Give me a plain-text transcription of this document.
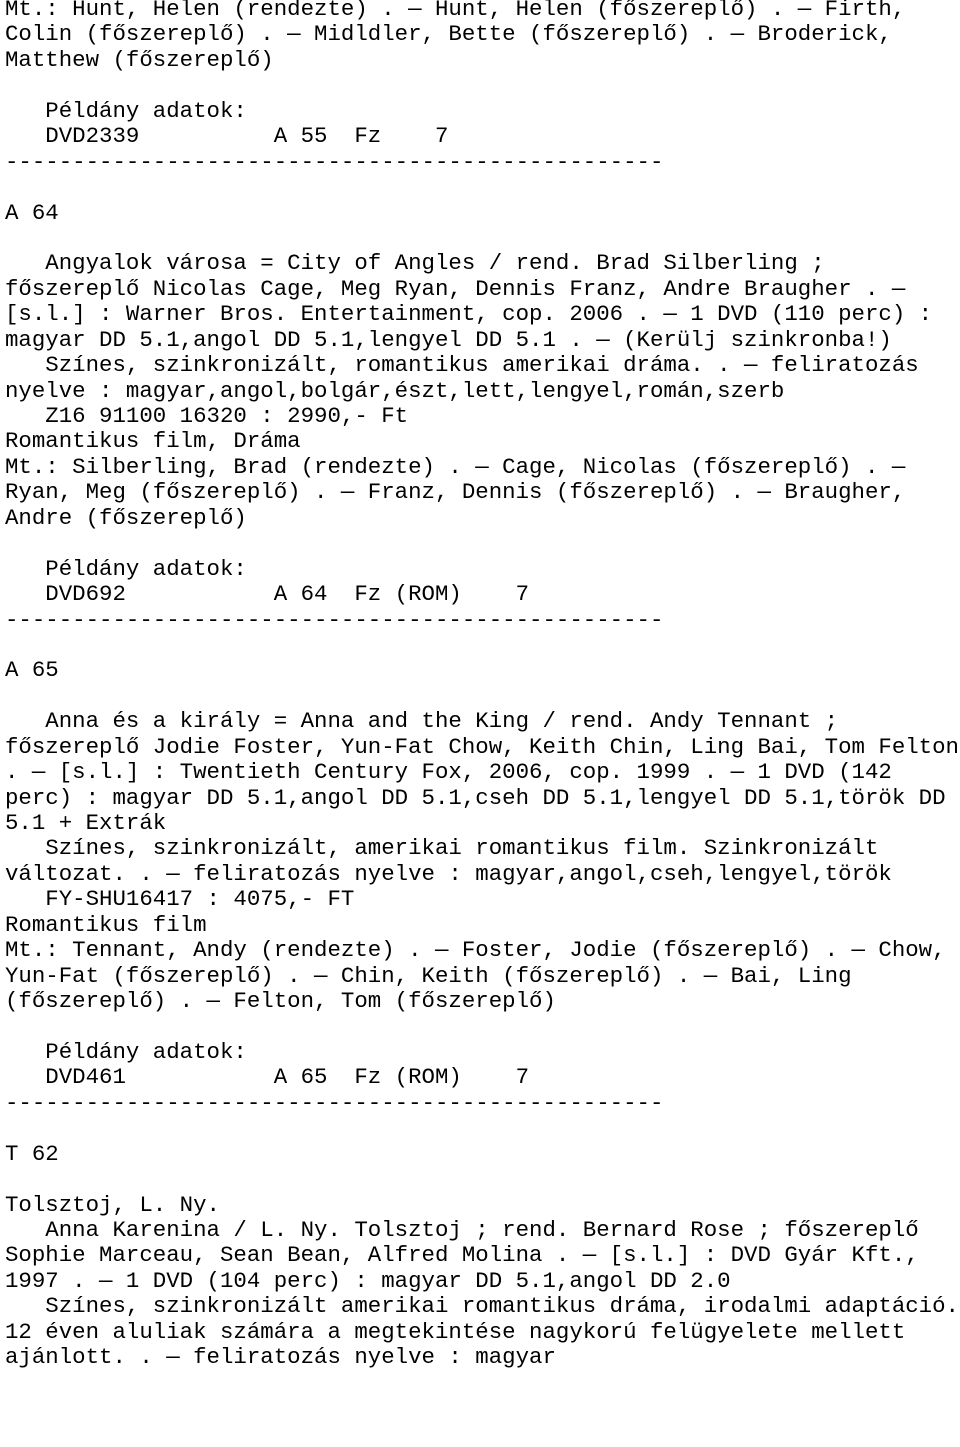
Mt.: Hunt, Helen (rendezte) . — Hunt, Helen (főszereplő) . — Firth,
Colin (főszereplő) . — Midldler, Bette (főszereplő) . — Broderick,
Matthew (főszereplő)
Példány adatok:
DVD2339          A 55  Fz    7
-------------------------------------------------
A 64
Angyalok városa = City of Angles / rend. Brad Silberling ;
főszereplő Nicolas Cage, Meg Ryan, Dennis Franz, Andre Braugher . —
[s.l.] : Warner Bros. Entertainment, cop. 2006 . — 1 DVD (110 perc) :
magyar DD 5.1,angol DD 5.1,lengyel DD 5.1 . — (Kerülj szinkronba!)
Színes, szinkronizált, romantikus amerikai dráma. . — feliratozás
nyelve : magyar,angol,bolgár,észt,lett,lengyel,román,szerb
Z16 91100 16320 : 2990,- Ft
Romantikus film, Dráma
Mt.: Silberling, Brad (rendezte) . — Cage, Nicolas (főszereplő) . —
Ryan, Meg (főszereplő) . — Franz, Dennis (főszereplő) . — Braugher,
Andre (főszereplő)
Példány adatok:
DVD692           A 64  Fz (ROM)    7
-------------------------------------------------
A 65
Anna és a király = Anna and the King / rend. Andy Tennant ;
főszereplő Jodie Foster, Yun-Fat Chow, Keith Chin, Ling Bai, Tom Felton
. — [s.l.] : Twentieth Century Fox, 2006, cop. 1999 . — 1 DVD (142
perc) : magyar DD 5.1,angol DD 5.1,cseh DD 5.1,lengyel DD 5.1,török DD
5.1 + Extrák
Színes, szinkronizált, amerikai romantikus film. Szinkronizált
változat. . — feliratozás nyelve : magyar,angol,cseh,lengyel,török
FY-SHU16417 : 4075,- FT
Romantikus film
Mt.: Tennant, Andy (rendezte) . — Foster, Jodie (főszereplő) . — Chow,
Yun-Fat (főszereplő) . — Chin, Keith (főszereplő) . — Bai, Ling
(főszereplő) . — Felton, Tom (főszereplő)
Példány adatok:
DVD461           A 65  Fz (ROM)    7
-------------------------------------------------
T 62
Tolsztoj, L. Ny.
Anna Karenina / L. Ny. Tolsztoj ; rend. Bernard Rose ; főszereplő
Sophie Marceau, Sean Bean, Alfred Molina . — [s.l.] : DVD Gyár Kft.,
1997 . — 1 DVD (104 perc) : magyar DD 5.1,angol DD 2.0
Színes, szinkronizált amerikai romantikus dráma, irodalmi adaptáció.
12 éven aluliak számára a megtekintése nagykorú felügyelete mellett
ajánlott. . — feliratozás nyelve : magyar
